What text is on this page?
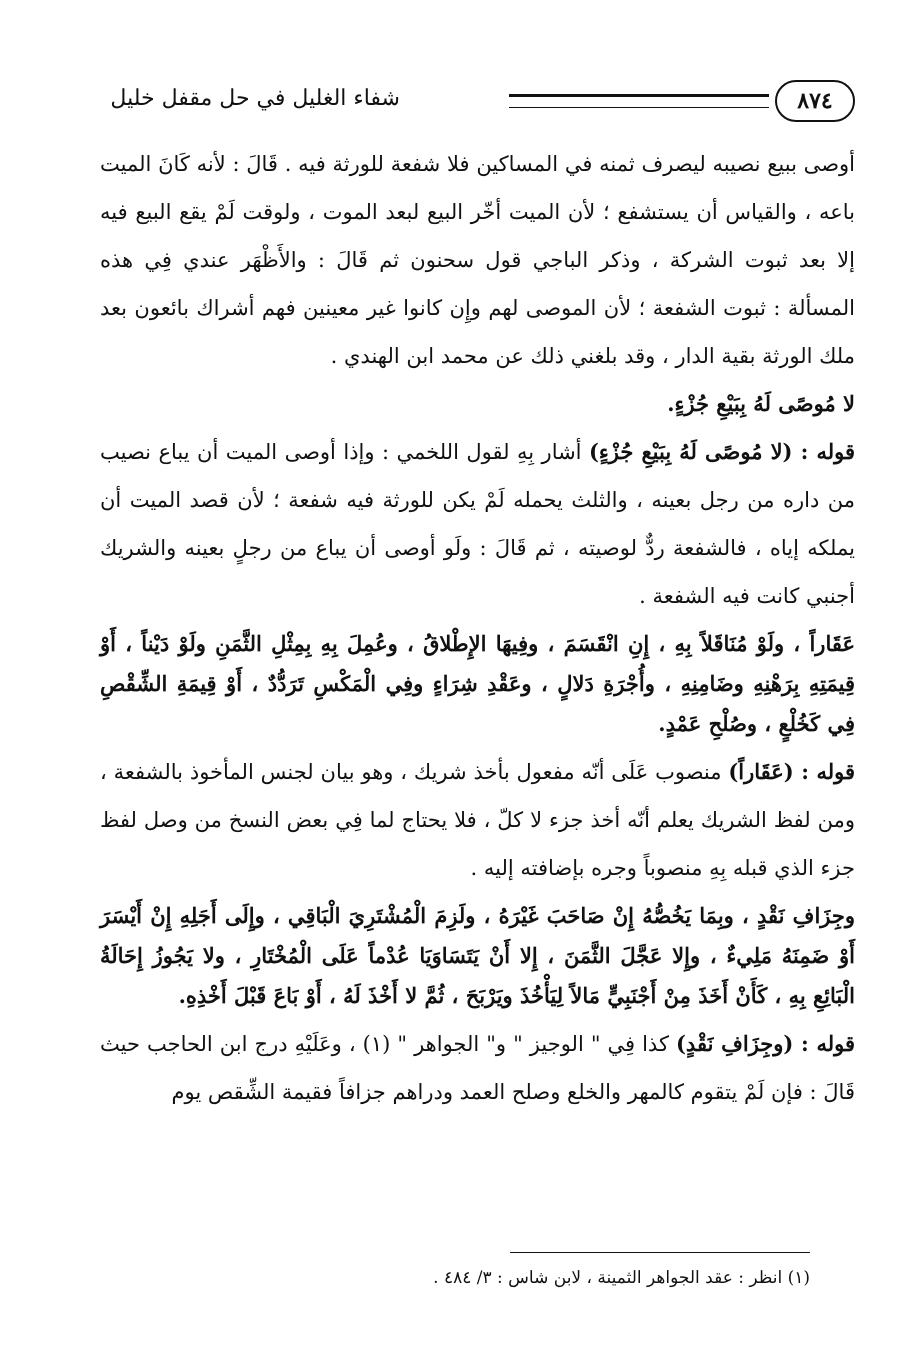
شفاء الغليل في حل مقفل خليل	٨٧٤

أوصى ببيع نصيبه ليصرف ثمنه في المساكين فلا شفعة للورثة فيه . قَالَ : لأنه كَانَ الميت باعه ، والقياس أن يستشفع ؛ لأن الميت أخّر البيع لبعد الموت ، ولوقت لَمْ يقع البيع فيه إلا بعد ثبوت الشركة ، وذكر الباجي قول سحنون ثم قَالَ : والأَظْهَر عندي فِي هذه المسألة : ثبوت الشفعة ؛ لأن الموصى لهم وإِن كانوا غير معينين فهم أشراك بائعون بعد ملك الورثة بقية الدار ، وقد بلغني ذلك عن محمد ابن الهندي .

لا مُوصًى لَهُ بِبَيْعِ جُزْءٍ.

قوله : (لا مُوصًى لَهُ بِبَيْعِ جُزْءٍ) أشار بِهِ لقول اللخمي : وإذا أوصى الميت أن يباع نصيب من داره من رجل بعينه ، والثلث يحمله لَمْ يكن للورثة فيه شفعة ؛ لأن قصد الميت أن يملكه إياه ، فالشفعة ردٌّ لوصيته ، ثم قَالَ : ولَو أوصى أن يباع من رجلٍ بعينه والشريك أجنبي كانت فيه الشفعة .

عَقَاراً ، ولَوْ مُنَاقَلاً بِهِ ، إِنِ انْقَسَمَ ، وفِيهَا الإِطْلاقُ ، وعُمِلَ بِهِ بِمِثْلِ الثَّمَنِ ولَوْ دَيْناً ، أَوْ قِيمَتِهِ بِرَهْنِهِ وضَامِنِهِ ، وأُجْرَةِ دَلالٍ ، وعَقْدِ شِرَاءٍ وفِي الْمَكْسِ تَرَدُّدٌ ، أَوْ قِيمَةِ الشِّقْصِ فِي كَخُلْعٍ ، وصُلْحِ عَمْدٍ.

قوله : (عَقَاراً) منصوب عَلَى أنّه مفعول بأخذ شريك ، وهو بيان لجنس المأخوذ بالشفعة ، ومن لفظ الشريك يعلم أنّه أخذ جزء لا كلّ ، فلا يحتاج لما فِي بعض النسخ من وصل لفظ جزء الذي قبله بِهِ منصوباً وجره بإضافته إليه .

وجِزَافِ نَقْدٍ ، وبِمَا يَخُصُّهُ إِنْ صَاحَبَ غَيْرَهُ ، ولَزِمَ الْمُشْتَرِيَ الْبَاقِي ، وإِلَى أَجَلِهِ إِنْ أَيْسَرَ أَوْ ضَمِنَهُ مَلِيءٌ ، وإِلا عَجَّلَ الثَّمَنَ ، إِلا أَنْ يَتَسَاوَيَا عُدْماً عَلَى الْمُخْتَارِ ، ولا يَجُوزُ إِحَالَةُ الْبَائِعِ بِهِ ، كَأَنْ أَخَذَ مِنْ أَجْنَبِيٍّ مَالاً لِيَأْخُذَ ويَرْبَحَ ، ثُمَّ لا أَخْذَ لَهُ ، أَوْ بَاعَ قَبْلَ أَخْذِهِ.

قوله : (وجِزَافِ نَقْدٍ) كذا فِي " الوجيز " و" الجواهر " (١) ، وعَلَيْهِ درج ابن الحاجب حيث قَالَ : فإن لَمْ يتقوم كالمهر والخلع وصلح العمد ودراهم جزافاً فقيمة الشِّقص يوم

(١) انظر : عقد الجواهر الثمينة ، لابن شاس : ٣/ ٤٨٤ .
